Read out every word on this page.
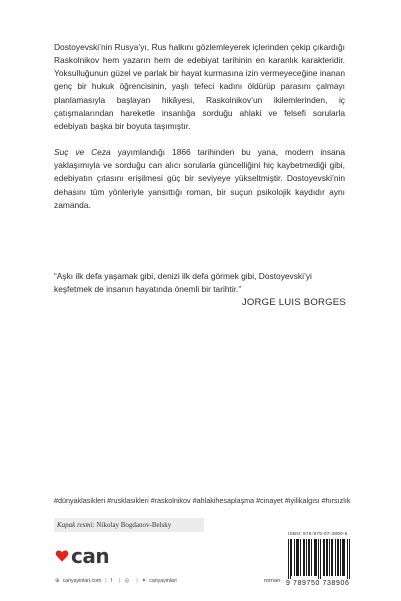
Dostoyevski’nin Rusya’yı, Rus halkını gözlemleyerek içlerinden çekip çıkardığı Raskolnikov hem yazarın hem de edebiyat tarihinin en karanlık karakteridir. Yoksulluğunun güzel ve parlak bir hayat kurmasına izin vermeyeceğine inanan genç bir hukuk öğrencisinin, yaşlı tefeci kadını öldürüp parasını çalmayı planlamasıyla başlayan hikâyesi, Raskolnikov’un ikilemlerinden, iç çatışmalarından hareketle insanlığa sorduğu ahlaki ve felsefi sorularla edebiyatı başka bir boyuta taşımıştır.

Suç ve Ceza yayımlandığı 1866 tarihinden bu yana, modern insana yaklaşımıyla ve sorduğu can alıcı sorularla güncelliğini hiç kaybetmediği gibi, edebiyatın çıtasını erişilmesi güç bir seviyeye yükseltmiştir. Dostoyevski’nin dehasını tüm yönleriyle yansıttığı roman, bir suçun psikolojik kaydıdır aynı zamanda.

“Aşkı ilk defa yaşamak gibi, denizi ilk defa görmek gibi, Dostoyevski’yi keşfetmek de insanın hayatında önemli bir tarihtir.”

JORGE LUIS BORGES
#dünyaklasikleri #rusklasikleri #raskolnikov #ahlakihesaplaşma #cinayet #iyilikalgısı #hırsızlık
Kapak resmi: Nikolay Bogdanov-Belsky
ISBN: 978-975-07-3890-6
9 789750 738906
can
⊕ canyayinlari.com | f | ◎ | ✦ canyayinlari	roman
